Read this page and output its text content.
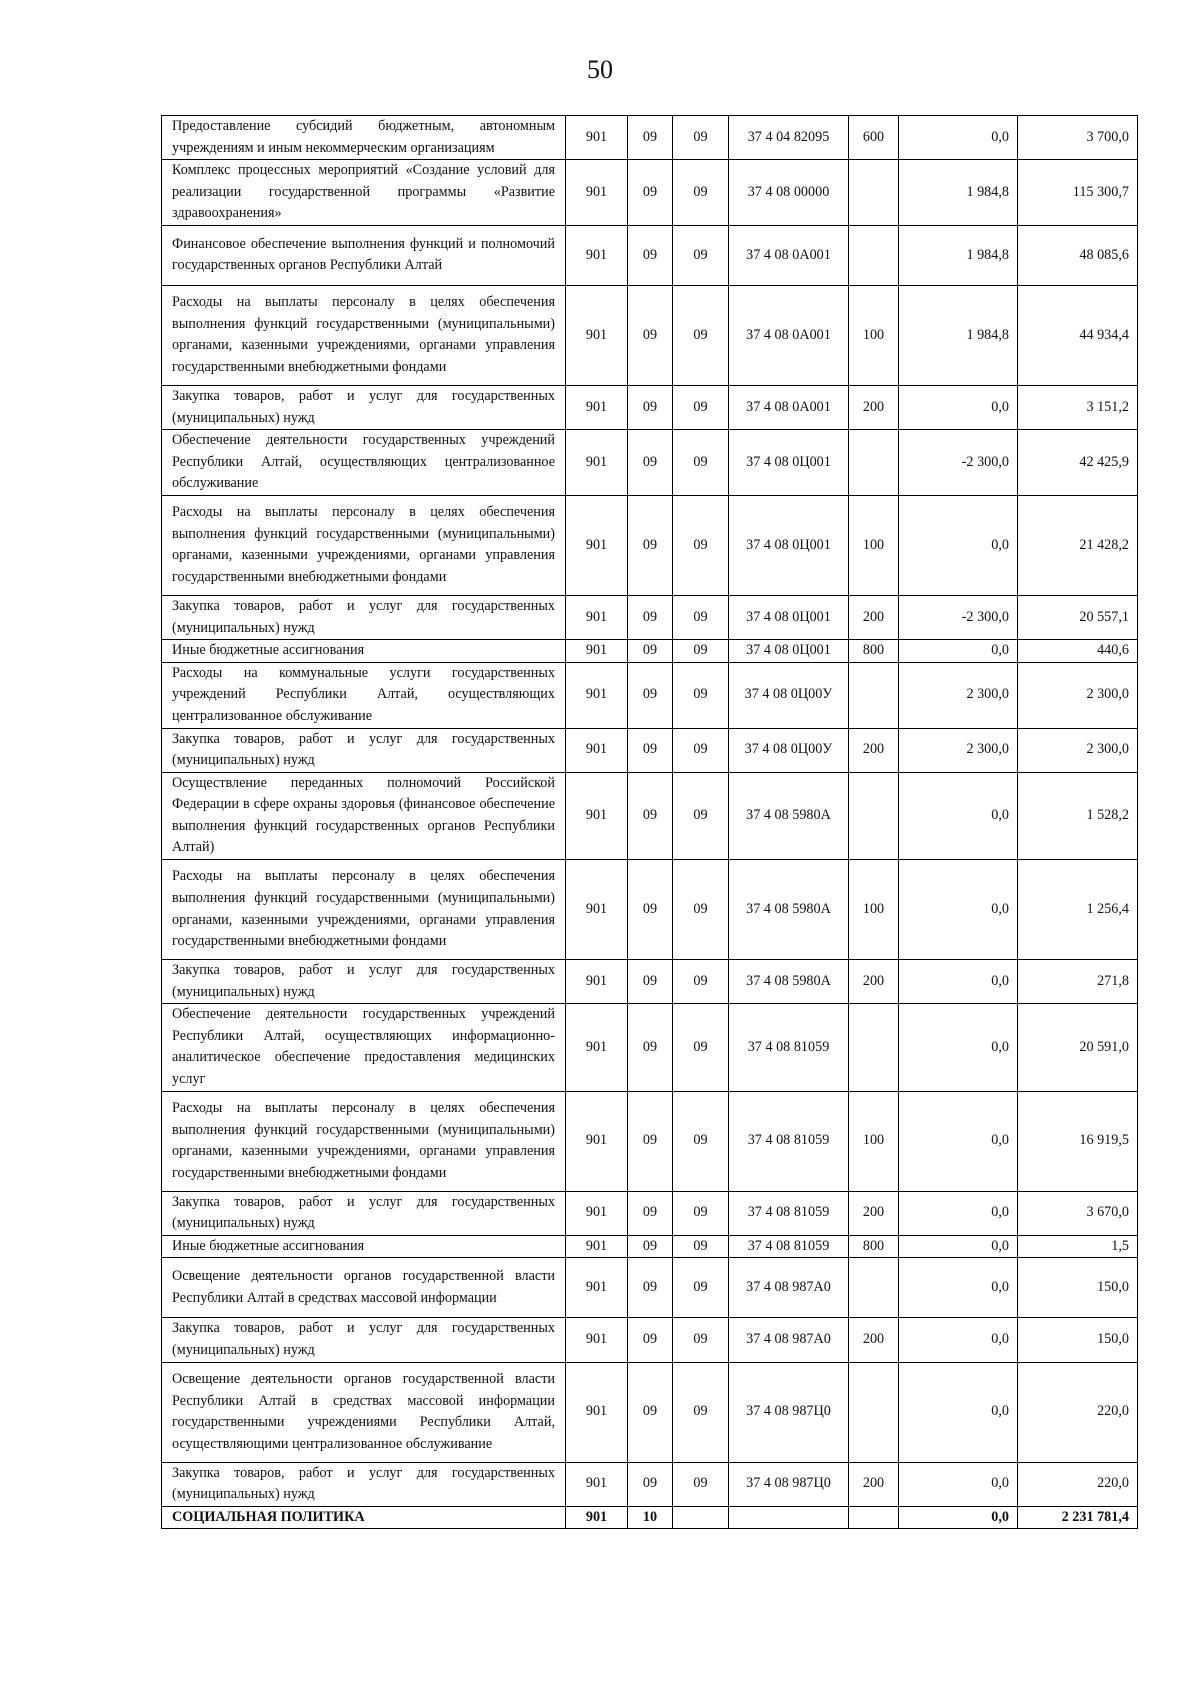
50
Предоставление субсидий бюджетным, автономным учреждениям и иным некоммерческим организациям	901	09	09	37 4 04 82095	600	0,0	3 700,0
Комплекс процессных мероприятий «Создание условий для реализации государственной программы «Развитие здравоохранения»	901	09	09	37 4 08 00000		1 984,8	115 300,7
Финансовое обеспечение выполнения функций и полномочий государственных органов Республики Алтай	901	09	09	37 4 08 0А001		1 984,8	48 085,6
Расходы на выплаты персоналу в целях обеспечения выполнения функций государственными (муниципальными) органами, казенными учреждениями, органами управления государственными внебюджетными фондами	901	09	09	37 4 08 0А001	100	1 984,8	44 934,4
Закупка товаров, работ и услуг для государственных (муниципальных) нужд	901	09	09	37 4 08 0А001	200	0,0	3 151,2
Обеспечение деятельности государственных учреждений Республики Алтай, осуществляющих централизованное обслуживание	901	09	09	37 4 08 0Ц001		-2 300,0	42 425,9
Расходы на выплаты персоналу в целях обеспечения выполнения функций государственными (муниципальными) органами, казенными учреждениями, органами управления государственными внебюджетными фондами	901	09	09	37 4 08 0Ц001	100	0,0	21 428,2
Закупка товаров, работ и услуг для государственных (муниципальных) нужд	901	09	09	37 4 08 0Ц001	200	-2 300,0	20 557,1
Иные бюджетные ассигнования	901	09	09	37 4 08 0Ц001	800	0,0	440,6
Расходы на коммунальные услуги государственных учреждений Республики Алтай, осуществляющих централизованное обслуживание	901	09	09	37 4 08 0Ц00У		2 300,0	2 300,0
Закупка товаров, работ и услуг для государственных (муниципальных) нужд	901	09	09	37 4 08 0Ц00У	200	2 300,0	2 300,0
Осуществление переданных полномочий Российской Федерации в сфере охраны здоровья (финансовое обеспечение выполнения функций государственных органов Республики Алтай)	901	09	09	37 4 08 5980А		0,0	1 528,2
Расходы на выплаты персоналу в целях обеспечения выполнения функций государственными (муниципальными) органами, казенными учреждениями, органами управления государственными внебюджетными фондами	901	09	09	37 4 08 5980А	100	0,0	1 256,4
Закупка товаров, работ и услуг для государственных (муниципальных) нужд	901	09	09	37 4 08 5980А	200	0,0	271,8
Обеспечение деятельности государственных учреждений Республики Алтай, осуществляющих информационно-аналитическое обеспечение предоставления медицинских услуг	901	09	09	37 4 08 81059		0,0	20 591,0
Расходы на выплаты персоналу в целях обеспечения выполнения функций государственными (муниципальными) органами, казенными учреждениями, органами управления государственными внебюджетными фондами	901	09	09	37 4 08 81059	100	0,0	16 919,5
Закупка товаров, работ и услуг для государственных (муниципальных) нужд	901	09	09	37 4 08 81059	200	0,0	3 670,0
Иные бюджетные ассигнования	901	09	09	37 4 08 81059	800	0,0	1,5
Освещение деятельности органов государственной власти Республики Алтай в средствах массовой информации	901	09	09	37 4 08 987А0		0,0	150,0
Закупка товаров, работ и услуг для государственных (муниципальных) нужд	901	09	09	37 4 08 987А0	200	0,0	150,0
Освещение деятельности органов государственной власти Республики Алтай в средствах массовой информации государственными учреждениями Республики Алтай, осуществляющими централизованное обслуживание	901	09	09	37 4 08 987Ц0		0,0	220,0
Закупка товаров, работ и услуг для государственных (муниципальных) нужд	901	09	09	37 4 08 987Ц0	200	0,0	220,0
СОЦИАЛЬНАЯ ПОЛИТИКА	901	10				0,0	2 231 781,4
